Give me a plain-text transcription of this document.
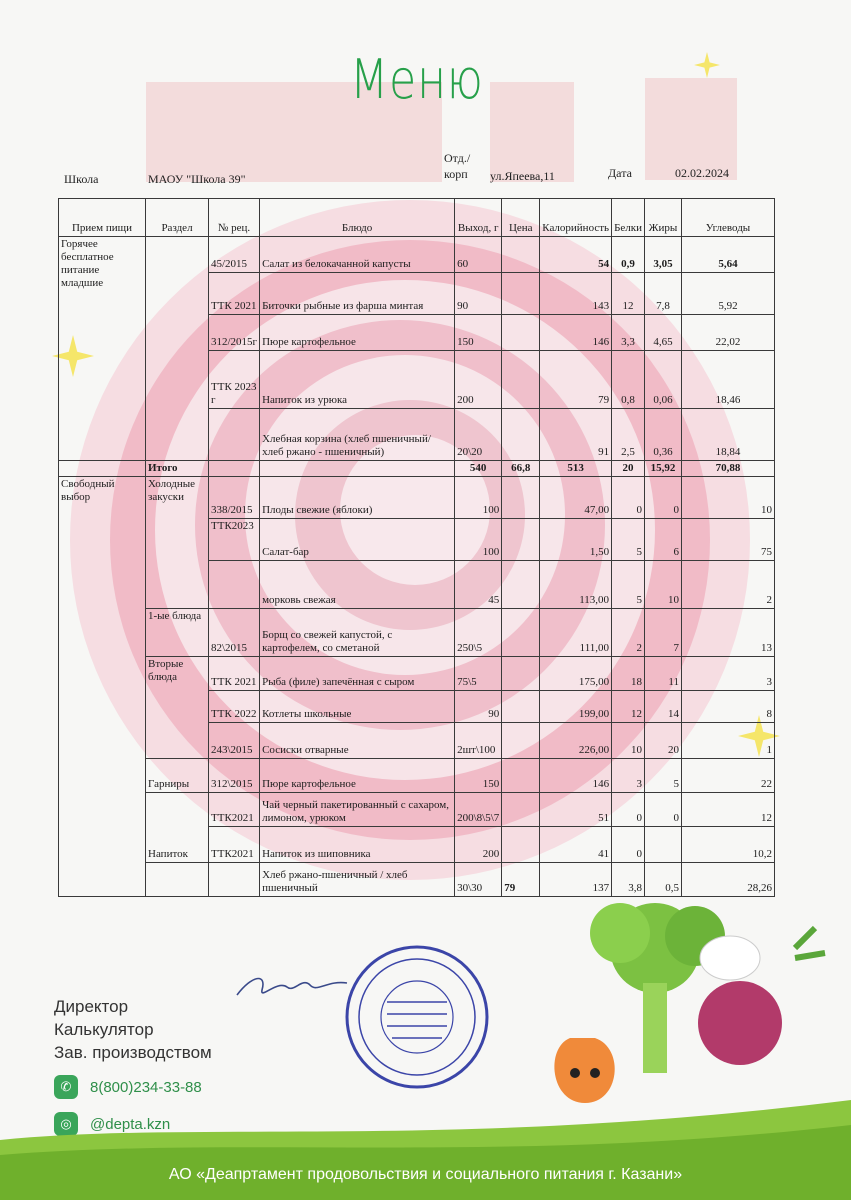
Меню
Школа	МАОУ "Школа 39"
Отд./корп	ул.Япеева,11	Дата	02.02.2024
Прием пищи	Раздел	№ рец.	Блюдо	Выход, г	Цена	Калорийность	Белки	Жиры	Углеводы
Горячее бесплатное питание младшие		45/2015	Салат из белокачанной капусты	60		54	0,9	3,05	5,64
		ТТК 2021	Биточки рыбные из фарша минтая	90		143	12	7,8	5,92
		312/2015г	Пюре картофельное	150		146	3,3	4,65	22,02
		ТТК 2023 г	Напиток из урюка	200		79	0,8	0,06	18,46
			Хлебная корзина (хлеб пшеничный/хлеб ржано - пшеничный)	20\20		91	2,5	0,36	18,84
	Итого			540	66,8	513	20	15,92	70,88
Свободный выбор	Холодные закуски	338/2015	Плоды свежие (яблоки)	100		47,00	0	0	10
		ТТК2023	Салат-бар	100		1,50	5	6	75
			морковь свежая	45		113,00	5	10	2
	1-ые блюда	82\2015	Борщ со свежей капустой, с картофелем, со сметаной	250\5		111,00	2	7	13
	Вторые блюда	ТТК 2021	Рыба (филе) запечённая с сыром	75\5		175,00	18	11	3
		ТТК 2022	Котлеты школьные	90		199,00	12	14	8
		243\2015	Сосиски отварные	2шт\100		226,00	10	20	1
	Гарниры	312\2015	Пюре картофельное	150		146	3	5	22
	Напиток	ТТК2021	Чай черный пакетированный с сахаром, лимоном, урюком	200\8\5\7		51	0	0	12
		ТТК2021	Напиток из шиповника	200		41	0		10,2
			Хлеб ржано-пшеничный / хлеб пшеничный	30\30	79	137	3,8	0,5	28,26
Директор
Калькулятор
Зав. производством
✆	8(800)234-33-88
◎	@depta.kzn
АО «Деапртамент продовольствия и социального питания г. Казани»
